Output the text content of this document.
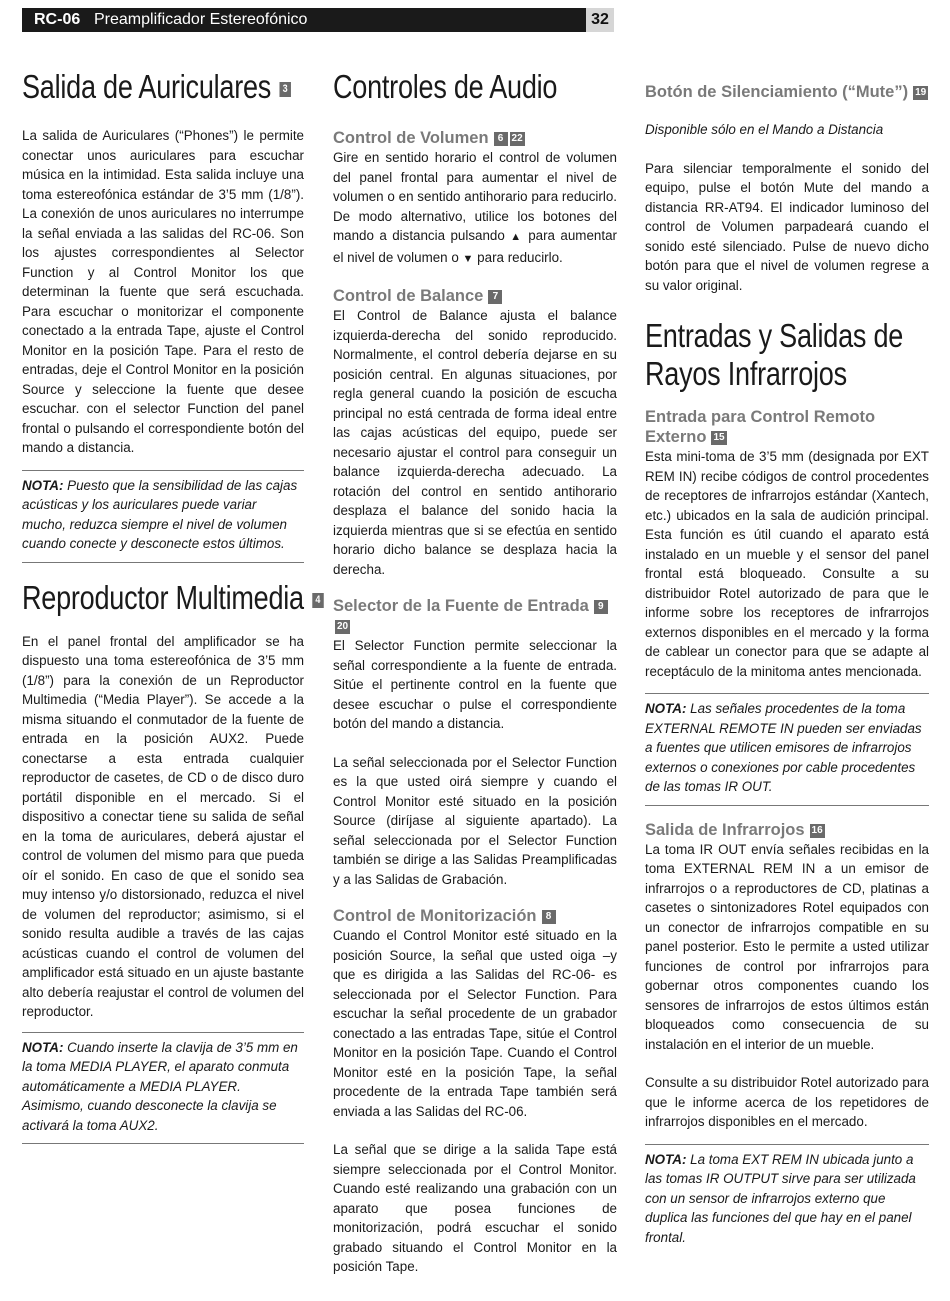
RC-06 Preamplificador Estereofónico	32
Salida de Auriculares 3

La salida de Auriculares (“Phones”) le permite conectar unos auriculares para escuchar música en la intimidad. Esta salida incluye una toma estereofónica estándar de 3’5 mm (1/8”). La conexión de unos auriculares no interrumpe la señal enviada a las salidas del RC-06. Son los ajustes correspondientes al Selector Function y al Control Monitor los que determinan la fuente que será escuchada. Para escuchar o monitorizar el componente conectado a la entrada Tape, ajuste el Control Monitor en la posición Tape. Para el resto de entradas, deje el Control Monitor en la posición Source y seleccione la fuente que desee escuchar. con el selector Function del panel frontal o pulsando el correspondiente botón del mando a distancia.

NOTA: Puesto que la sensibilidad de las cajas acústicas y los auriculares puede variar mucho, reduzca siempre el nivel de volumen cuando conecte y desconecte estos últimos.
Reproductor Multimedia 4

En el panel frontal del amplificador se ha dispuesto una toma estereofónica de 3’5 mm (1/8”) para la conexión de un Reproductor Multimedia (“Media Player”). Se accede a la misma situando el conmutador de la fuente de entrada en la posición AUX2. Puede conectarse a esta entrada cualquier reproductor de casetes, de CD o de disco duro portátil disponible en el mercado. Si el dispositivo a conectar tiene su salida de señal en la toma de auriculares, deberá ajustar el control de volumen del mismo para que pueda oír el sonido. En caso de que el sonido sea muy intenso y/o distorsionado, reduzca el nivel de volumen del reproductor; asimismo, si el sonido resulta audible a través de las cajas acústicas cuando el control de volumen del amplificador está situado en un ajuste bastante alto debería reajustar el control de volumen del reproductor.

NOTA: Cuando inserte la clavija de 3’5 mm en la toma MEDIA PLAYER, el aparato conmuta automáticamente a MEDIA PLAYER. Asimismo, cuando desconecte la clavija se activará la toma AUX2.
Controles de Audio
Control de Volumen 6 22

Gire en sentido horario el control de volumen del panel frontal para aumentar el nivel de volumen o en sentido antihorario para reducirlo. De modo alternativo, utilice los botones del mando a distancia pulsando ▲ para aumentar el nivel de volumen o ▼ para reducirlo.

Control de Balance 7

El Control de Balance ajusta el balance izquierda-derecha del sonido reproducido. Normalmente, el control debería dejarse en su posición central. En algunas situaciones, por regla general cuando la posición de escucha principal no está centrada de forma ideal entre las cajas acústicas del equipo, puede ser necesario ajustar el control para conseguir un balance izquierda-derecha adecuado. La rotación del control en sentido antihorario desplaza el balance del sonido hacia la izquierda mientras que si se efectúa en sentido horario dicho balance se desplaza hacia la derecha.

Selector de la Fuente de Entrada 920

El Selector Function permite seleccionar la señal correspondiente a la fuente de entrada. Sitúe el pertinente control en la fuente que desee escuchar o pulse el correspondiente botón del mando a distancia.

La señal seleccionada por el Selector Function es la que usted oirá siempre y cuando el Control Monitor esté situado en la posición Source (diríjase al siguiente apartado). La señal seleccionada por el Selector Function también se dirige a las Salidas Preamplificadas y a las Salidas de Grabación.

Control de Monitorización 8

Cuando el Control Monitor esté situado en la posición Source, la señal que usted oiga –y que es dirigida a las Salidas del RC-06- es seleccionada por el Selector Function. Para escuchar la señal procedente de un grabador conectado a las entradas Tape, sitúe el Control Monitor en la posición Tape. Cuando el Control Monitor esté en la posición Tape, la señal procedente de la entrada Tape también será enviada a las Salidas del RC-06.

La señal que se dirige a la salida Tape está siempre seleccionada por el Control Monitor. Cuando esté realizando una grabación con un aparato que posea funciones de monitorización, podrá escuchar el sonido grabado situando el Control Monitor en la posición Tape.

Botón de Silenciamiento (“Mute”) 19

Disponible sólo en el Mando a Distancia

Para silenciar temporalmente el sonido del equipo, pulse el botón Mute del mando a distancia RR-AT94. El indicador luminoso del control de Volumen parpadeará cuando el sonido esté silenciado. Pulse de nuevo dicho botón para que el nivel de volumen regrese a su valor original.

Entradas y Salidas de Rayos Infrarrojos
Entrada para Control Remoto Externo 15

Esta mini-toma de 3’5 mm (designada por EXT REM IN) recibe códigos de control procedentes de receptores de infrarrojos estándar (Xantech, etc.) ubicados en la sala de audición principal. Esta función es útil cuando el aparato está instalado en un mueble y el sensor del panel frontal está bloqueado. Consulte a su distribuidor Rotel autorizado de para que le informe sobre los receptores de infrarrojos externos disponibles en el mercado y la forma de cablear un conector para que se adapte al receptáculo de la minitoma antes mencionada.

NOTA: Las señales procedentes de la toma EXTERNAL REMOTE IN pueden ser enviadas a fuentes que utilicen emisores de infrarrojos externos o conexiones por cable procedentes de las tomas IR OUT.
Salida de Infrarrojos 16

La toma IR OUT envía señales recibidas en la toma EXTERNAL REM IN a un emisor de infrarrojos o a reproductores de CD, platinas a casetes o sintonizadores Rotel equipados con un conector de infrarrojos compatible en su panel posterior. Esto le permite a usted utilizar funciones de control por infrarrojos para gobernar otros componentes cuando los sensores de infrarrojos de estos últimos están bloqueados como consecuencia de su instalación en el interior de un mueble.

Consulte a su distribuidor Rotel autorizado para que le informe acerca de los repetidores de infrarrojos disponibles en el mercado.

NOTA: La toma EXT REM IN ubicada junto a las tomas IR OUTPUT sirve para ser utilizada con un sensor de infrarrojos externo que duplica las funciones del que hay en el panel frontal.
